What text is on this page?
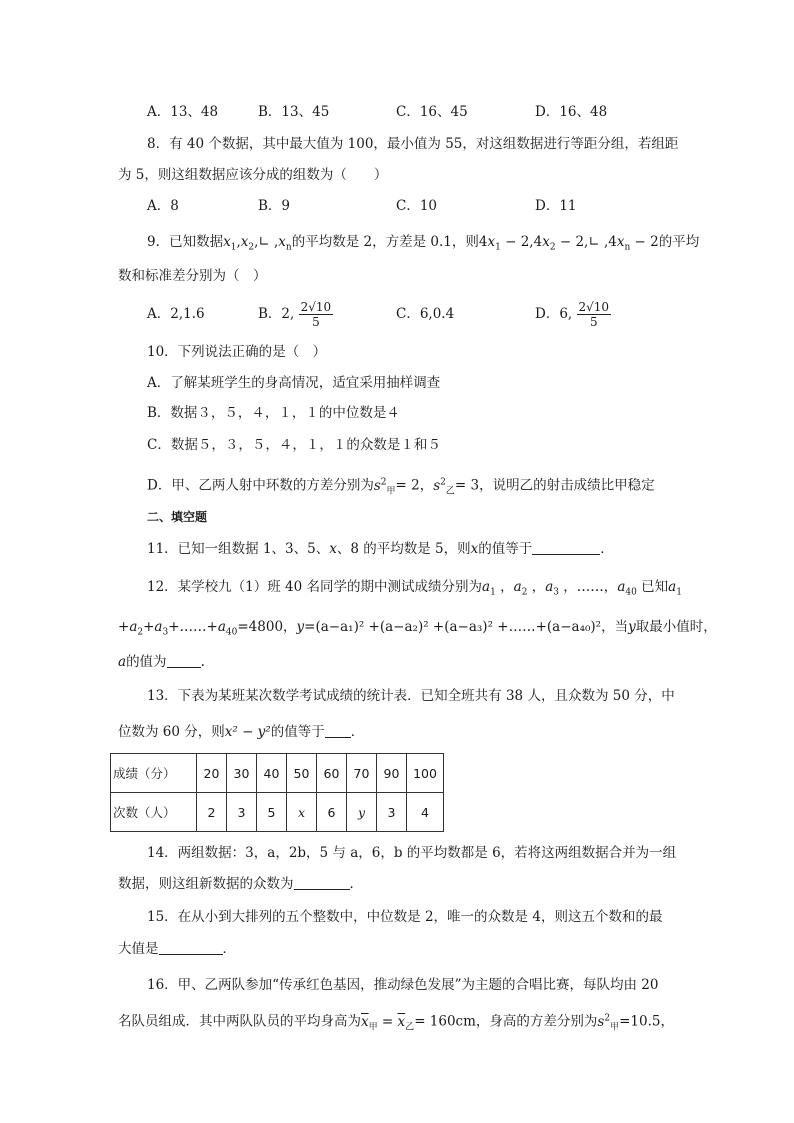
A．13、48	B．13、45	C．16、45	D．16、48
8．有 40 个数据，其中最大值为 100，最小值为 55，对这组数据进行等距分组，若组距
为 5，则这组数据应该分成的组数为（　　）
A．8	B．9	C．10	D．11
9．已知数据$x_1,x_2,∟$ $,x_n$的平均数是 2，方差是 0.1，则$4x_1 - 2,4x_2$ − 2,∟ $,4x_n - 2$的平均
数和标准差分别为（　）
A．2,1.6	B．2, $\frac{2√10}{5}$	C．6,0.4	D．6, $\frac{2√10}{5}$
10．下列说法正确的是（　）
A．了解某班学生的身高情况，适宜采用抽样调查
B．数据３，５，４，１，１的中位数是４
C．数据５，３，５，４，１，１的众数是１和５
D．甲、乙两人射中环数的方差分别为$s^2_甲= 2$，$s^2_乙= 3$，说明乙的射击成绩比甲稳定
二、填空题
11．已知一组数据 1、3、5、x、8 的平均数是 5，则x的值等于	．
12．某学校九（1）班 40 名同学的期中测试成绩分别为$a_1$ ，$a_2$ ，$a_3$ ，……，$a_{40}$ 已知$a_1$
$+a_2+a_3+\dots\dots+a_{40}=4800$，y=(a−a₁)² +(a−a₂)² +(a−a₃)² +……+(a−a₄₀)²，当y取最小值时，
a的值为	.
13．下表为某班某次数学考试成绩的统计表．已知全班共有 38 人，且众数为 50 分，中
位数为 60 分，则x² − y²的值等于 ．
成绩（分）	20	30	40	50	60	70	90	100
次数（人）	2	3	5	x	6	y	3	4
14．两组数据：3，a，2b，5 与 a，6，b 的平均数都是 6，若将这两组数据合并为一组
数据，则这组新数据的众数为	．
15．在从小到大排列的五个整数中，中位数是 2，唯一的众数是 4，则这五个数和的最
大值是	．
16．甲、乙两队参加“传承红色基因，推动绿色发展”为主题的合唱比赛，每队均由 20
名队员组成．其中两队队员的平均身高为$\overline{x}_甲 = \overline{x}_乙= 160cm$，身高的方差分别为$s^2_甲=10.5$，
